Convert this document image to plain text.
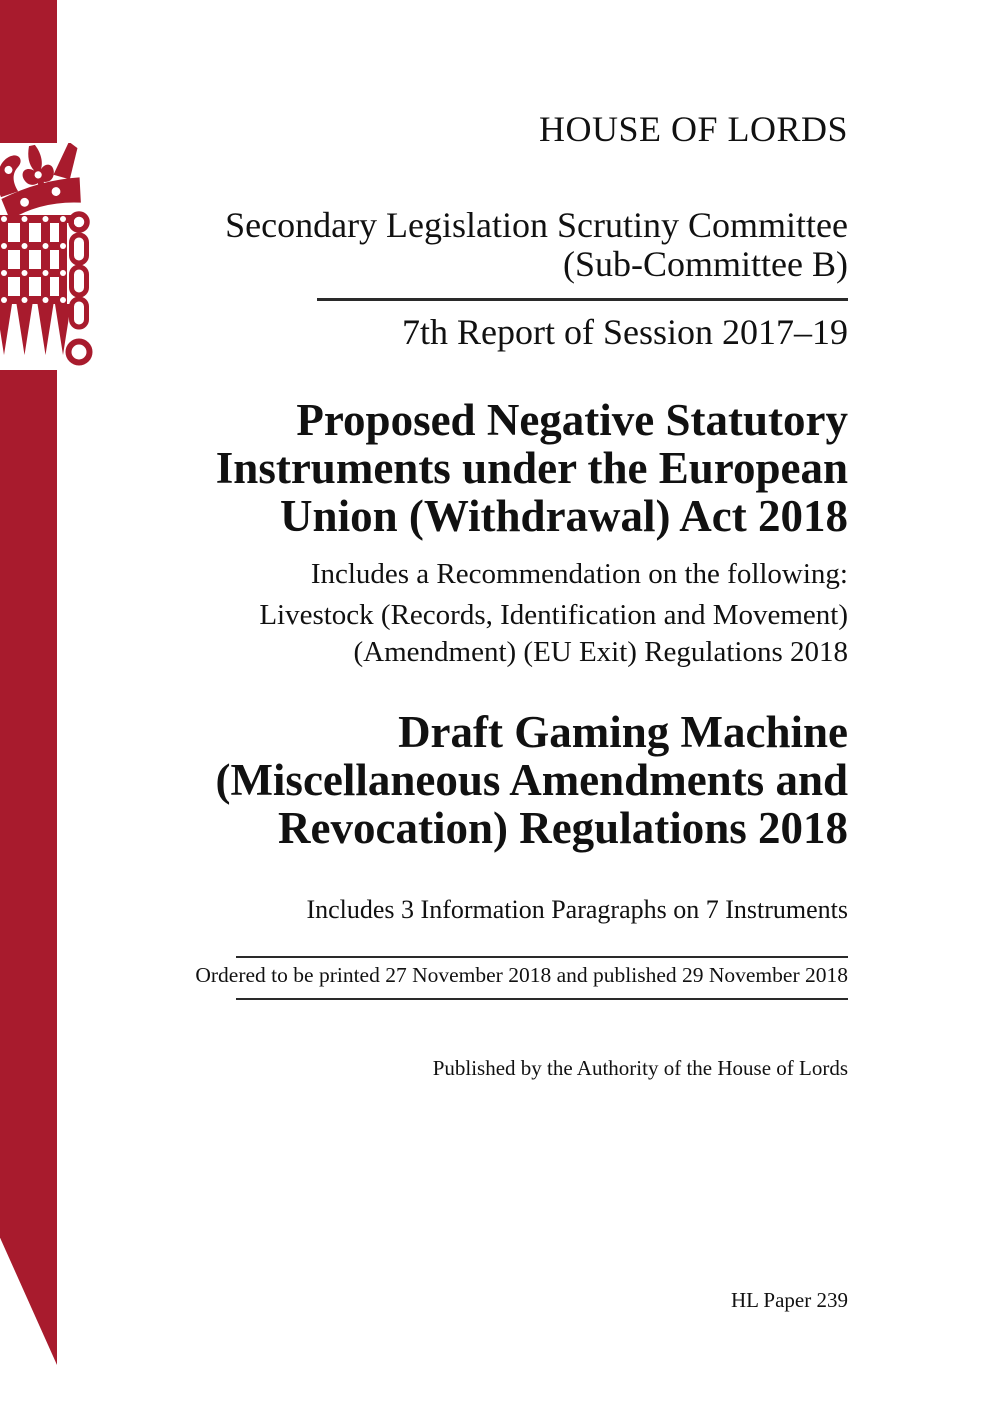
HOUSE OF LORDS
Secondary Legislation Scrutiny Committee
(Sub-Committee B)
7th Report of Session 2017–19
Proposed Negative Statutory
Instruments under the European
Union (Withdrawal) Act 2018
Includes a Recommendation on the following:
Livestock (Records, Identification and Movement)
(Amendment) (EU Exit) Regulations 2018
Draft Gaming Machine
(Miscellaneous Amendments and
Revocation) Regulations 2018
Includes 3 Information Paragraphs on 7 Instruments
Ordered to be printed 27 November 2018 and published 29 November 2018
Published by the Authority of the House of Lords
HL Paper 239
